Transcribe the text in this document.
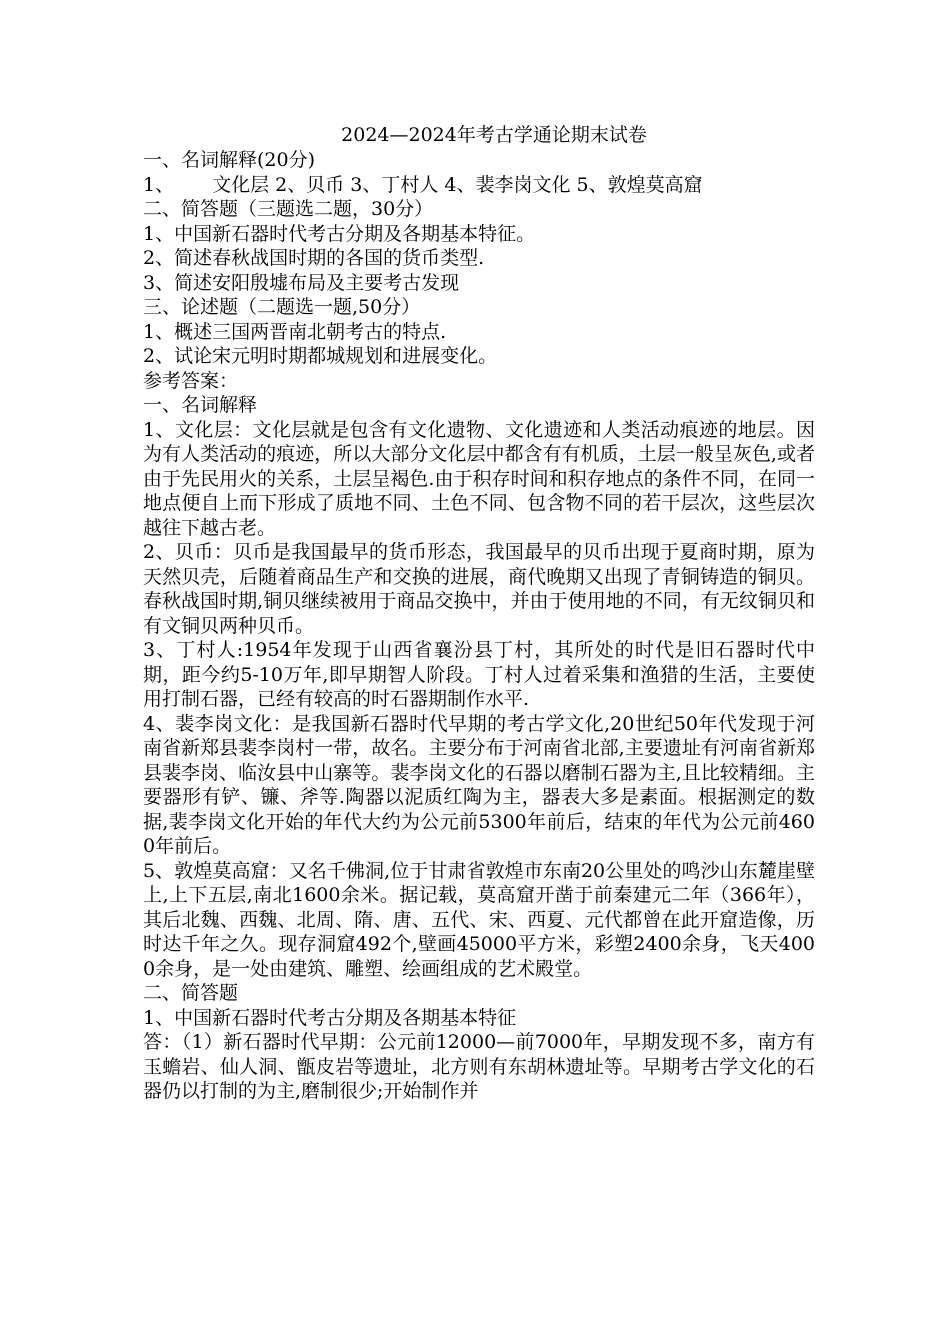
2024—2024年考古学通论期末试卷

一、名词解释(20分)

1、 文化层 2、贝币 3、丁村人 4、裴李岗文化 5、敦煌莫高窟

二、简答题（三题选二题，30分）

1、中国新石器时代考古分期及各期基本特征。

2、简述春秋战国时期的各国的货币类型.

3、简述安阳殷墟布局及主要考古发现

三、论述题（二题选一题,50分）

1、概述三国两晋南北朝考古的特点.

2、试论宋元明时期都城规划和进展变化。

参考答案：

一、名词解释

1、文化层：文化层就是包含有文化遗物、文化遗迹和人类活动痕迹的地层。因为有人类活动的痕迹，所以大部分文化层中都含有有机质，土层一般呈灰色,或者由于先民用火的关系，土层呈褐色.由于积存时间和积存地点的条件不同，在同一地点便自上而下形成了质地不同、土色不同、包含物不同的若干层次，这些层次越往下越古老。

2、贝币：贝币是我国最早的货币形态，我国最早的贝币出现于夏商时期，原为天然贝壳，后随着商品生产和交换的进展，商代晚期又出现了青铜铸造的铜贝。春秋战国时期,铜贝继续被用于商品交换中，并由于使用地的不同，有无纹铜贝和有文铜贝两种贝币。

3、丁村人:1954年发现于山西省襄汾县丁村，其所处的时代是旧石器时代中期，距今约5-10万年,即早期智人阶段。丁村人过着采集和渔猎的生活，主要使用打制石器，已经有较高的时石器期制作水平.

4、裴李岗文化：是我国新石器时代早期的考古学文化,20世纪50年代发现于河南省新郑县裴李岗村一带，故名。主要分布于河南省北部,主要遗址有河南省新郑县裴李岗、临汝县中山寨等。裴李岗文化的石器以磨制石器为主,且比较精细。主要器形有铲、镰、斧等.陶器以泥质红陶为主，器表大多是素面。根据测定的数据,裴李岗文化开始的年代大约为公元前5300年前后，结束的年代为公元前4600年前后。

5、敦煌莫高窟：又名千佛洞,位于甘肃省敦煌市东南20公里处的鸣沙山东麓崖壁上,上下五层,南北1600余米。据记载，莫高窟开凿于前秦建元二年（366年），其后北魏、西魏、北周、隋、唐、五代、宋、西夏、元代都曾在此开窟造像，历时达千年之久。现存洞窟492个,壁画45000平方米，彩塑2400余身，飞天4000余身，是一处由建筑、雕塑、绘画组成的艺术殿堂。

二、简答题

1、中国新石器时代考古分期及各期基本特征

答：（1）新石器时代早期：公元前12000—前7000年，早期发现不多，南方有玉蟾岩、仙人洞、甑皮岩等遗址，北方则有东胡林遗址等。早期考古学文化的石器仍以打制的为主,磨制很少;开始制作并
